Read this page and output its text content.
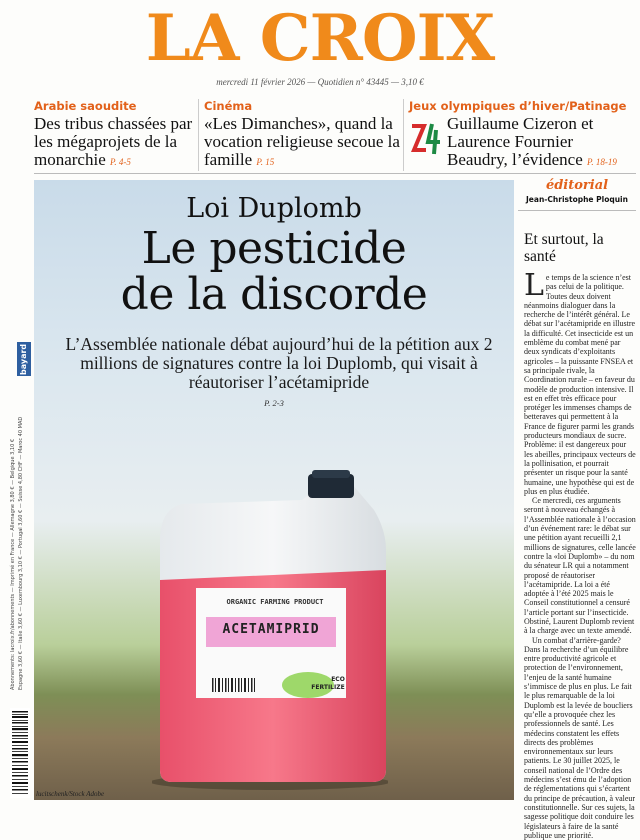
LA CROIX
mercredi 11 février 2026 — Quotidien n° 43445 — 3,10 €
Arabie saoudite
Des tribus chassées par les mégaprojets de la monarchie P. 4-5
Cinéma
«Les Dimanches», quand la vocation religieuse secoue la famille P. 15
Jeux olympiques d’hiver/Patinage
Guillaume Cizeron et Laurence Fournier Beaudry, l’évidence P. 18-19
bayard
Abonnements: lacroix.fr/abonnements — Imprimé en France — Allemagne 3,80 € — Belgique 3,10 € Espagne 3,60 € — Italie 3,60 € — Luxembourg 3,10 € — Portugal 3,60 € — Suisse 4,80 CHF — Maroc 40 MAD
Loi Duplomb
Le pesticide
de la discorde
L’Assemblée nationale débat aujourd’hui de la pétition aux 2 millions de signatures contre la loi Duplomb, qui visait à réautoriser l’acétamipride
P. 2-3
ORGANIC FARMING PRODUCT
ACETAMIPRID
ECO
FERTILIZE
lucitschenk/Stock Adobe
éditorial
Jean-Christophe Ploquin
Et surtout, la santé

Le temps de la science n’est pas celui de la politique. Toutes deux doivent néanmoins dialoguer dans la recherche de l’intérêt général. Le débat sur l’acétamipride en illustre la difficulté. Cet insecticide est un emblème du combat mené par deux syndicats d’exploitants agricoles – la puissante FNSEA et sa principale rivale, la Coordination rurale – en faveur du modèle de production intensive. Il est en effet très efficace pour protéger les immenses champs de betteraves qui permettent à la France de figurer parmi les grands producteurs mondiaux de sucre. Problème: il est dangereux pour les abeilles, principaux vecteurs de la pollinisation, et pourrait présenter un risque pour la santé humaine, une hypothèse qui est de plus en plus étudiée.

Ce mercredi, ces arguments seront à nouveau échangés à l’Assemblée nationale à l’occasion d’un événement rare: le débat sur une pétition ayant recueilli 2,1 millions de signatures, celle lancée contre la «loi Duplomb» – du nom du sénateur LR qui a notamment proposé de réautoriser l’acétamipride. La loi a été adoptée à l’été 2025 mais le Conseil constitutionnel a censuré l’article portant sur l’insecticide. Obstiné, Laurent Duplomb revient à la charge avec un texte amendé.

Un combat d’arrière-garde? Dans la recherche d’un équilibre entre productivité agricole et protection de l’environnement, l’enjeu de la santé humaine s’immisce de plus en plus. Le fait le plus remarquable de la loi Duplomb est la levée de boucliers qu’elle a provoquée chez les professionnels de santé. Les médecins constatent les effets directs des problèmes environnementaux sur leurs patients. Le 30 juillet 2025, le conseil national de l’Ordre des médecins s’est ému de l’adoption de réglementations qui s’écartent du principe de précaution, à valeur constitutionnelle. Sur ces sujets, la sagesse politique doit conduire les législateurs à faire de la santé publique une priorité.
